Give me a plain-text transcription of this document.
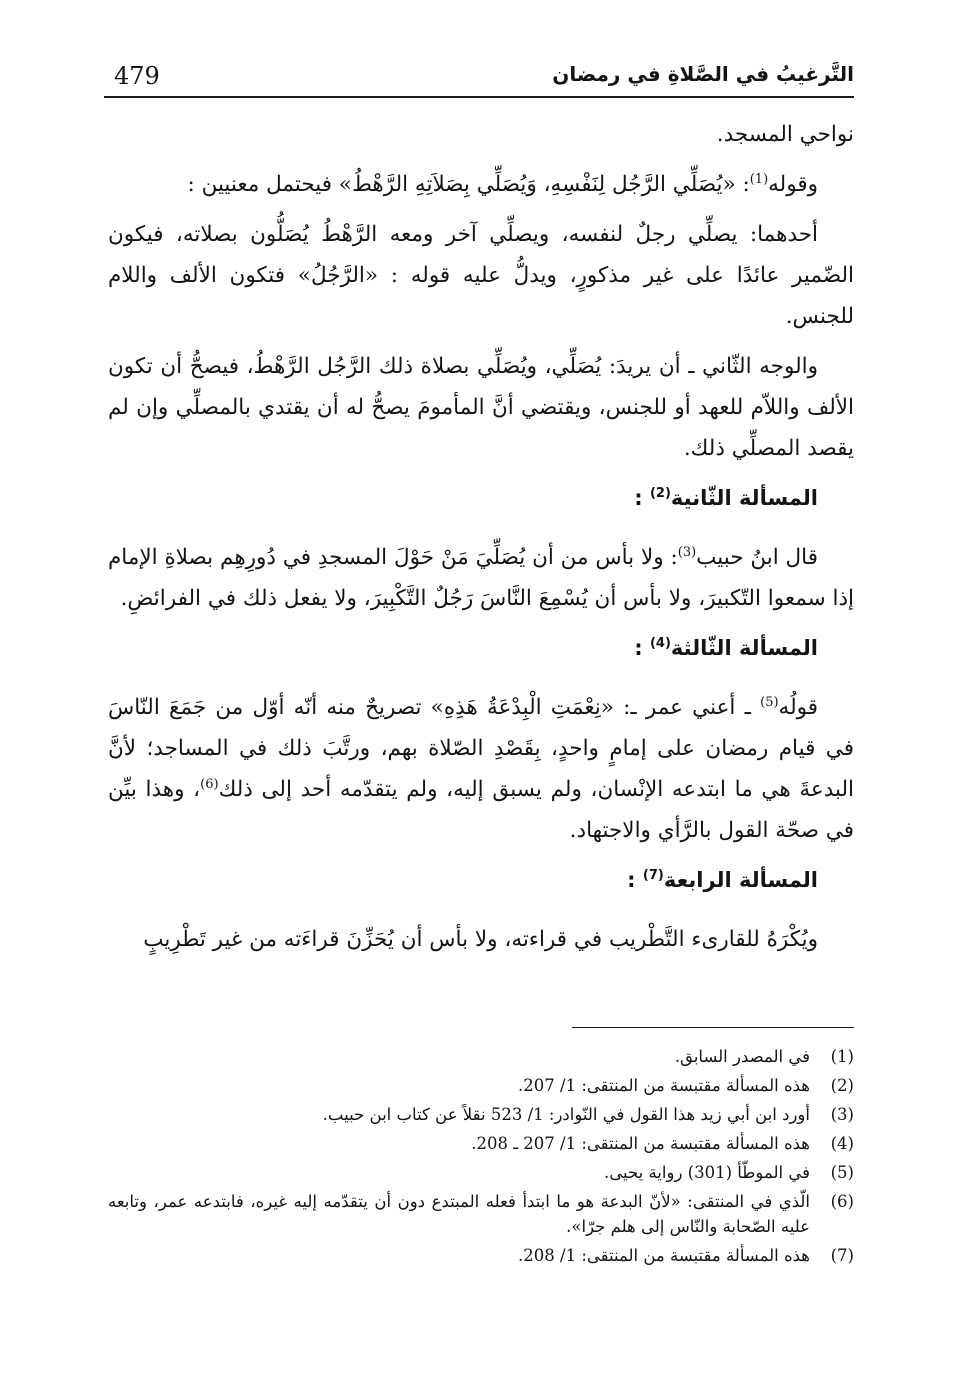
479	التَّرغيبُ في الصَّلاةِ في رمضان

نواحي المسجد.

وقوله$^{(1)}$: «يُصَلِّي الرَّجُل لِنَفْسِهِ، وَيُصَلِّي بِصَلاَتِهِ الرَّهْطُ» فيحتمل معنيين :

أحدهما: يصلِّي رجلٌ لنفسه، ويصلِّي آخر ومعه الرَّهْطُ يُصَلُّون بصلاته، فيكون الضّمير عائدًا على غير مذكورٍ، ويدلُّ عليه قوله : «الرَّجُلُ» فتكون الألف واللام للجنس.

والوجه الثّاني ـ أن يريدَ: يُصَلِّي، ويُصَلِّي بصلاة ذلك الرَّجُل الرَّهْطُ، فيصحُّ أن تكون الألف واللاّم للعهد أو للجنس، ويقتضي أنَّ المأمومَ يصحُّ له أن يقتدي بالمصلِّي وإن لم يقصد المصلِّي ذلك.

المسألة الثّانية$^{(2)}$ :

قال ابنُ حبيب$^{(3)}$: ولا بأس من أن يُصَلِّيَ مَنْ حَوْلَ المسجدِ في دُورِهِم بصلاةِ الإمام إذا سمعوا التّكبيرَ، ولا بأس أن يُسْمِعَ النَّاسَ رَجُلٌ التَّكْبِيرَ، ولا يفعل ذلك في الفرائضِ.

المسألة الثّالثة$^{(4)}$ :

قولُه$^{(5)}$ ـ أعني عمر ـ: «نِعْمَتِ الْبِدْعَةُ هَذِهِ» تصريحٌ منه أنّه أوّل من جَمَعَ النّاسَ في قيام رمضان على إمامٍ واحدٍ، بِقَصْدِ الصّلاة بهم، ورتَّبَ ذلك في المساجد؛ لأنَّ البدعةَ هي ما ابتدعه الإنْسان، ولم يسبق إليه، ولم يتقدّمه أحد إلى ذلك$^{(6)}$، وهذا بيِّن في صحّة القول بالرَّأي والاجتهاد.

المسألة الرابعة$^{(7)}$ :

ويُكْرَهُ للقارىء التَّطْريب في قراءته، ولا بأس أن يُحَزِّنَ قراءَته من غير تَطْرِيبٍ

(1)
في المصدر السابق.
(2)
هذه المسألة مقتبسة من المنتقى: 1/ 207.
(3)
أورد ابن أبي زيد هذا القول في النّوادر: 1/ 523 نقلاً عن كتاب ابن حبيب.
(4)
هذه المسألة مقتبسة من المنتقى: 1/ 207 ـ 208.
(5)
في الموطّأ (301) رواية يحيى.
(6)
الّذي في المنتقى: «لأنّ البدعة هو ما ابتدأ فعله المبتدع دون أن يتقدّمه إليه غيره، فابتدعه عمر، وتابعه عليه الصّحابة والنّاس إلى هلم جرّا».
(7)
هذه المسألة مقتبسة من المنتقى: 1/ 208.
